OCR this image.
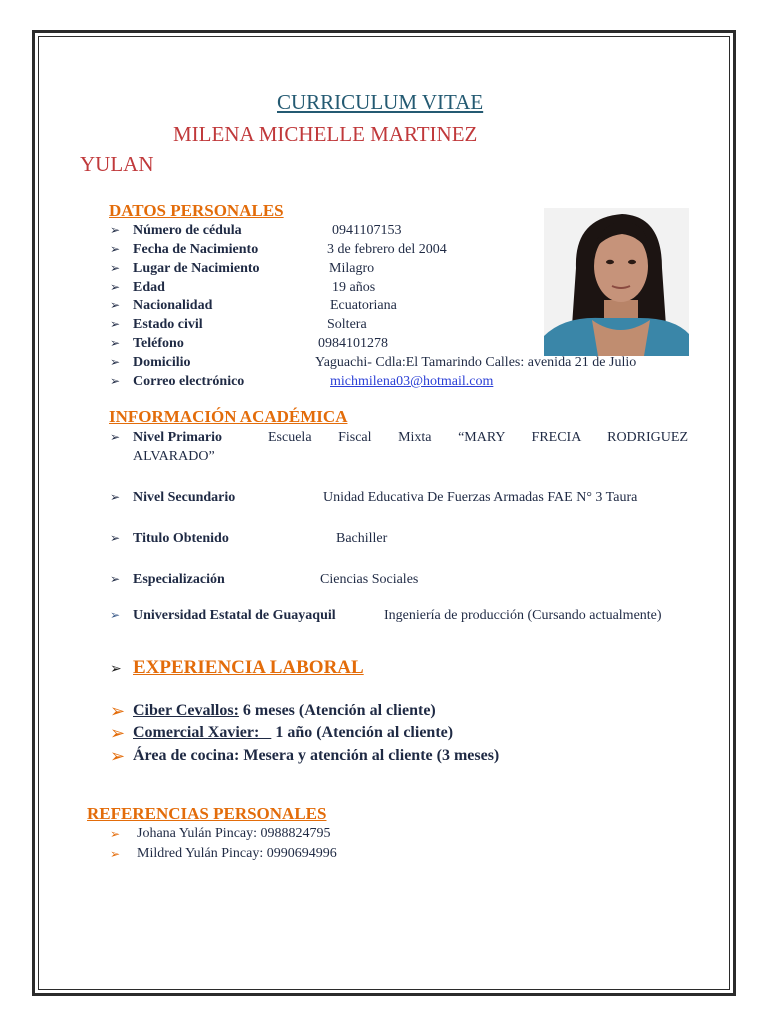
CURRICULUM VITAE
MILENA MICHELLE MARTINEZ
YULAN
DATOS PERSONALES
➢ Número de cédula	0941107153
➢ Fecha de Nacimiento	3 de febrero del 2004
➢ Lugar de Nacimiento	Milagro
➢ Edad	19 años
➢ Nacionalidad	Ecuatoriana
➢ Estado civil	Soltera
➢ Teléfono	0984101278
➢ Domicilio	Yaguachi- Cdla:El Tamarindo Calles: avenida 21 de Julio
➢ Correo electrónico	michmilena03@hotmail.com
INFORMACIÓN ACADÉMICA
➢ Nivel Primario	Escuela Fiscal Mixta “MARY FRECIA RODRIGUEZ
ALVARADO”
➢ Nivel Secundario	Unidad Educativa De Fuerzas Armadas FAE N° 3 Taura
➢ Titulo Obtenido	Bachiller
➢ Especialización	Ciencias Sociales
➢ Universidad Estatal de Guayaquil	Ingeniería de producción (Cursando actualmente)
➢ EXPERIENCIA LABORAL
➢ Ciber Cevallos: 6 meses (Atención al cliente)
➢ Comercial Xavier:    1 año (Atención al cliente)
➢ Área de cocina: Mesera y atención al cliente (3 meses)
REFERENCIAS PERSONALES
➢ Johana Yulán Pincay: 0988824795
➢ Mildred Yulán Pincay: 0990694996
